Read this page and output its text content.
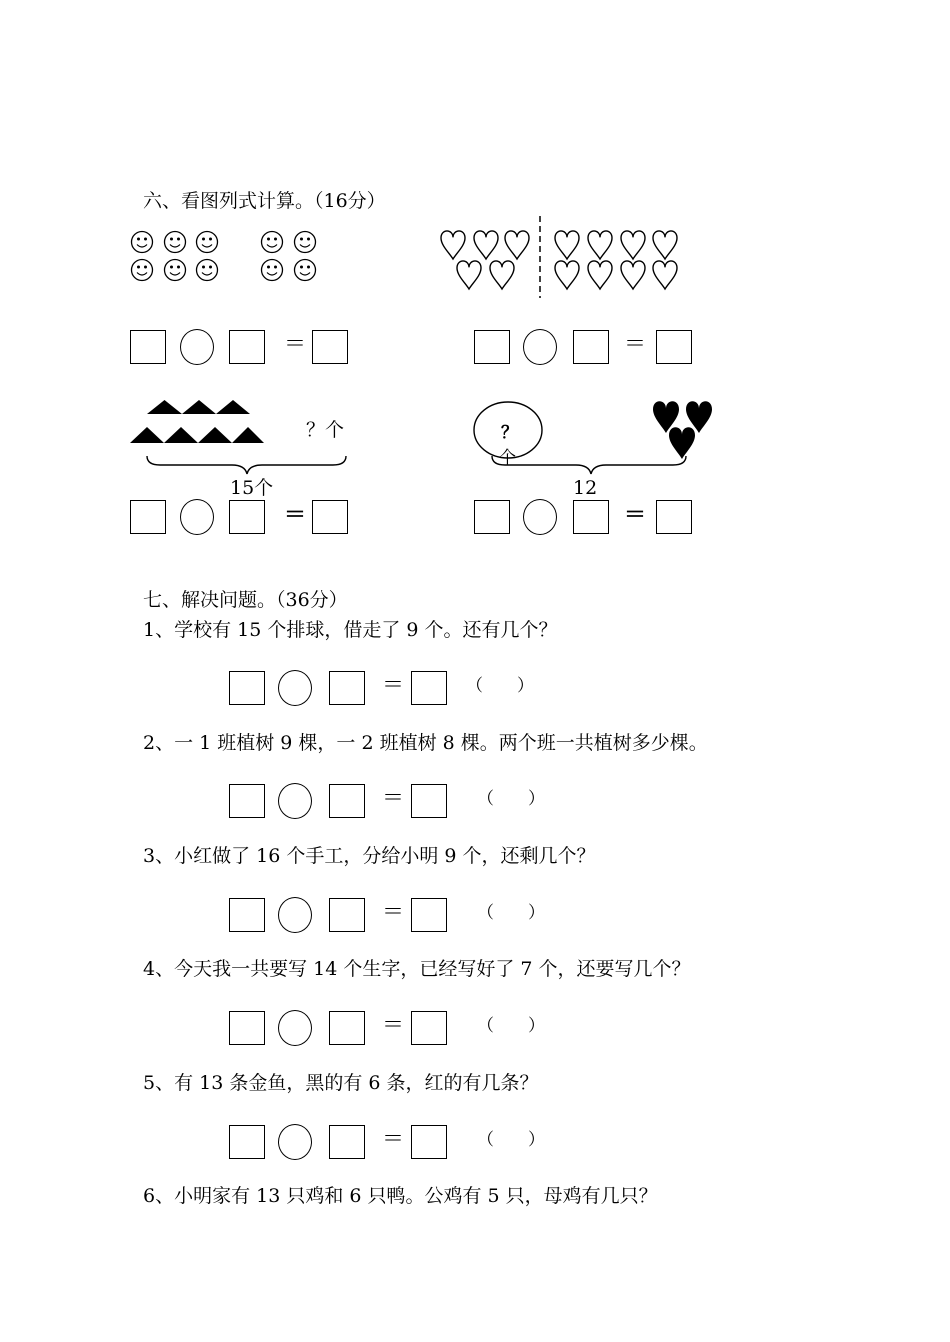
六、看图列式计算。（16分）
＝	＝
？个
15个
？
个
12
＝	＝
七、解决问题。（36分）
1、学校有 15 个排球，借走了 9 个。还有几个？
＝	（　　）
2、一 1 班植树 9 棵，一 2 班植树 8 棵。两个班一共植树多少棵。
＝	（　　）
3、小红做了 16 个手工，分给小明 9 个，还剩几个？
＝	（　　）
4、今天我一共要写 14 个生字，已经写好了 7 个，还要写几个？
＝	（　　）
5、有 13 条金鱼，黑的有 6 条，红的有几条？
＝	（　　）
6、小明家有 13 只鸡和 6 只鸭。公鸡有 5 只，母鸡有几只？
